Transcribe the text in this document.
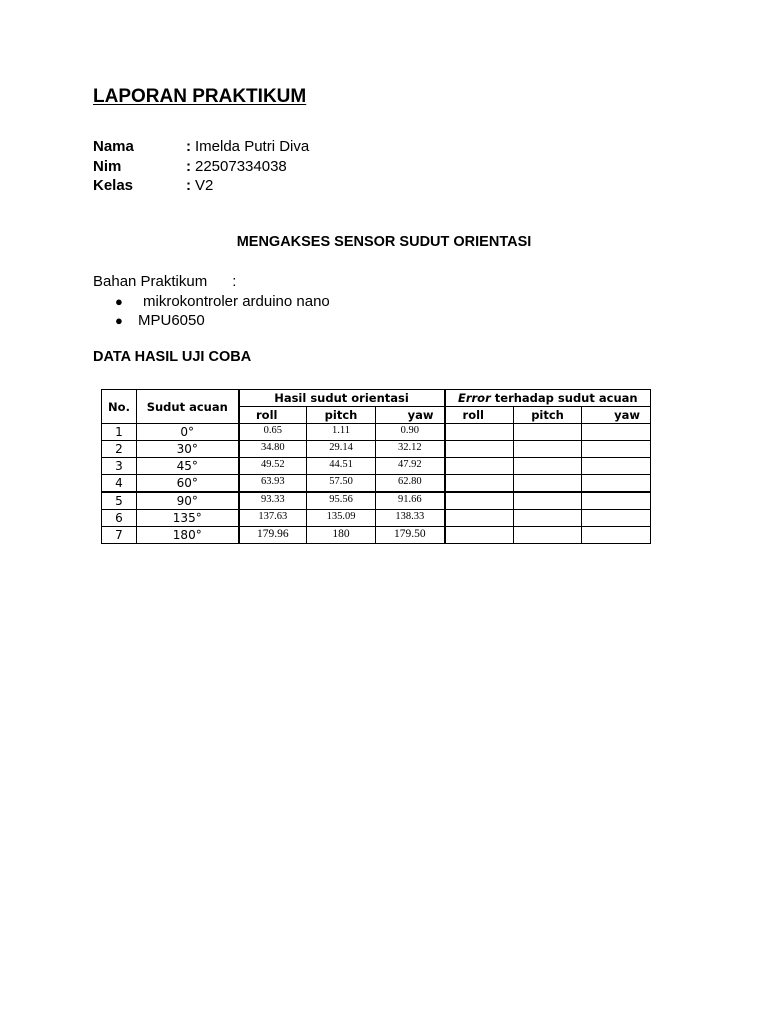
LAPORAN PRAKTIKUM
Nama	: Imelda Putri Diva
Nim	: 22507334038
Kelas	: V2
MENGAKSES SENSOR SUDUT ORIENTASI
Bahan Praktikum :
●	mikrokontroler arduino nano
●	MPU6050
DATA HASIL UJI COBA
No.	Sudut acuan	Hasil sudut orientasi			Error terhadap sudut acuan		
		roll	pitch	yaw	roll	pitch	yaw
1	0°	0.65	1.11	0.90			
2	30°	34.80	29.14	32.12			
3	45°	49.52	44.51	47.92			
4	60°	63.93	57.50	62.80			
5	90°	93.33	95.56	91.66			
6	135°	137.63	135.09	138.33			
7	180°	179.96	180	179.50			
